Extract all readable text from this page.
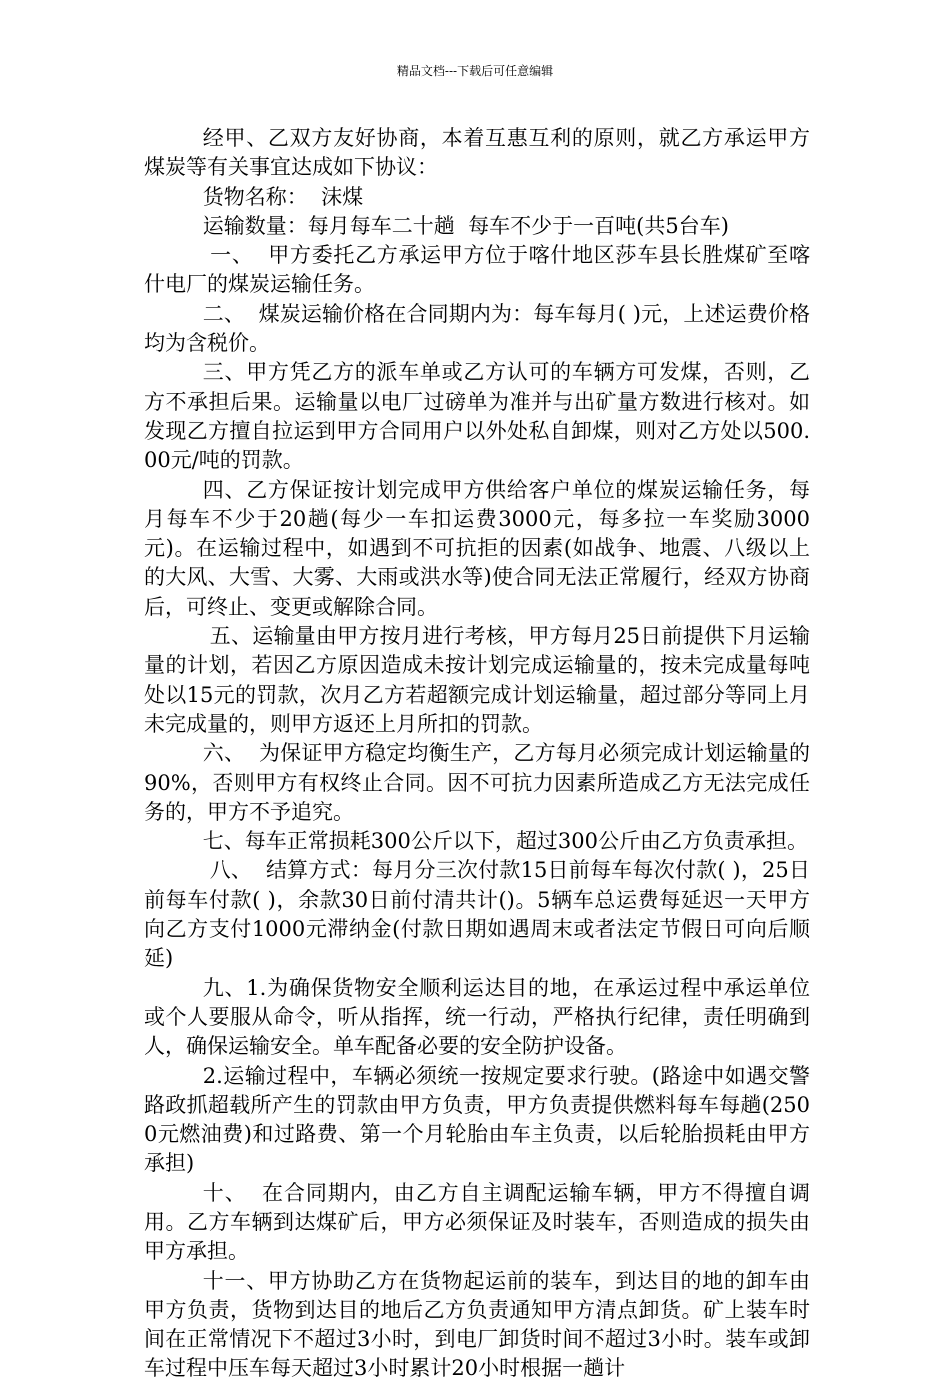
精品文档---下载后可任意编辑

经甲、乙双方友好协商，本着互惠互利的原则，就乙方承运甲方煤炭等有关事宜达成如下协议：

货物名称：  沫煤

运输数量：每月每车二十趟  每车不少于一百吨(共5台车)

一、  甲方委托乙方承运甲方位于喀什地区莎车县长胜煤矿至喀什电厂的煤炭运输任务。

二、  煤炭运输价格在合同期内为：每车每月( )元，上述运费价格均为含税价。

三、甲方凭乙方的派车单或乙方认可的车辆方可发煤，否则，乙方不承担后果。运输量以电厂过磅单为准并与出矿量方数进行核对。如发现乙方擅自拉运到甲方合同用户以外处私自卸煤，则对乙方处以500.00元/吨的罚款。

四、乙方保证按计划完成甲方供给客户单位的煤炭运输任务，每月每车不少于20趟(每少一车扣运费3000元，每多拉一车奖励3000元)。在运输过程中，如遇到不可抗拒的因素(如战争、地震、八级以上的大风、大雪、大雾、大雨或洪水等)使合同无法正常履行，经双方协商后，可终止、变更或解除合同。

五、运输量由甲方按月进行考核，甲方每月25日前提供下月运输量的计划，若因乙方原因造成未按计划完成运输量的，按未完成量每吨处以15元的罚款，次月乙方若超额完成计划运输量，超过部分等同上月未完成量的，则甲方返还上月所扣的罚款。

六、  为保证甲方稳定均衡生产，乙方每月必须完成计划运输量的90%，否则甲方有权终止合同。因不可抗力因素所造成乙方无法完成任务的，甲方不予追究。

七、每车正常损耗300公斤以下，超过300公斤由乙方负责承担。

八、  结算方式：每月分三次付款15日前每车每次付款( )，25日前每车付款( )，余款30日前付清共计()。5辆车总运费每延迟一天甲方向乙方支付1000元滞纳金(付款日期如遇周末或者法定节假日可向后顺延)

九、1.为确保货物安全顺利运达目的地，在承运过程中承运单位或个人要服从命令，听从指挥，统一行动，严格执行纪律，责任明确到人，确保运输安全。单车配备必要的安全防护设备。

2.运输过程中，车辆必须统一按规定要求行驶。(路途中如遇交警路政抓超载所产生的罚款由甲方负责，甲方负责提供燃料每车每趟(2500元燃油费)和过路费、第一个月轮胎由车主负责，以后轮胎损耗由甲方承担)

十、  在合同期内，由乙方自主调配运输车辆，甲方不得擅自调用。乙方车辆到达煤矿后，甲方必须保证及时装车，否则造成的损失由甲方承担。

十一、甲方协助乙方在货物起运前的装车，到达目的地的卸车由甲方负责，货物到达目的地后乙方负责通知甲方清点卸货。矿上装车时间在正常情况下不超过3小时，到电厂卸货时间不超过3小时。装车或卸车过程中压车每天超过3小时累计20小时根据一趟计
